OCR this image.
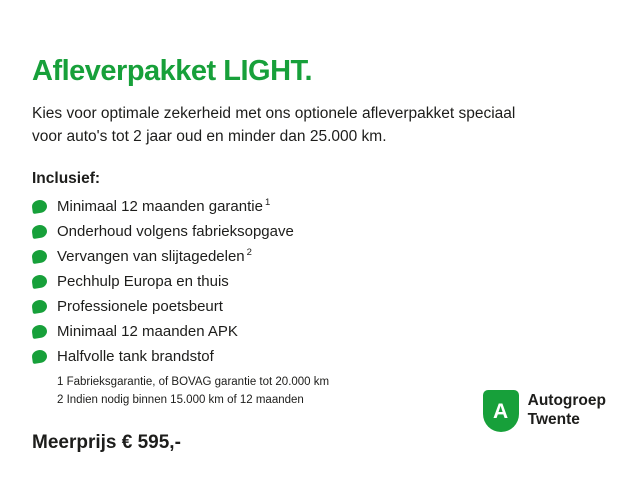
Afleverpakket LIGHT.

Kies voor optimale zekerheid met ons optionele afleverpakket speciaal voor auto's tot 2 jaar oud en minder dan 25.000 km.

Inclusief:
Minimaal 12 maanden garantie $^1$
Onderhoud volgens fabrieksopgave
Vervangen van slijtagedelen $^2$
Pechhulp Europa en thuis
Professionele poetsbeurt
Minimaal 12 maanden APK
Halfvolle tank brandstof
1 Fabrieksgarantie, of BOVAG garantie tot 20.000 km
2 Indien nodig binnen 15.000 km of 12 maanden
Meerprijs € 595,-
A	Autogroep
Twente
